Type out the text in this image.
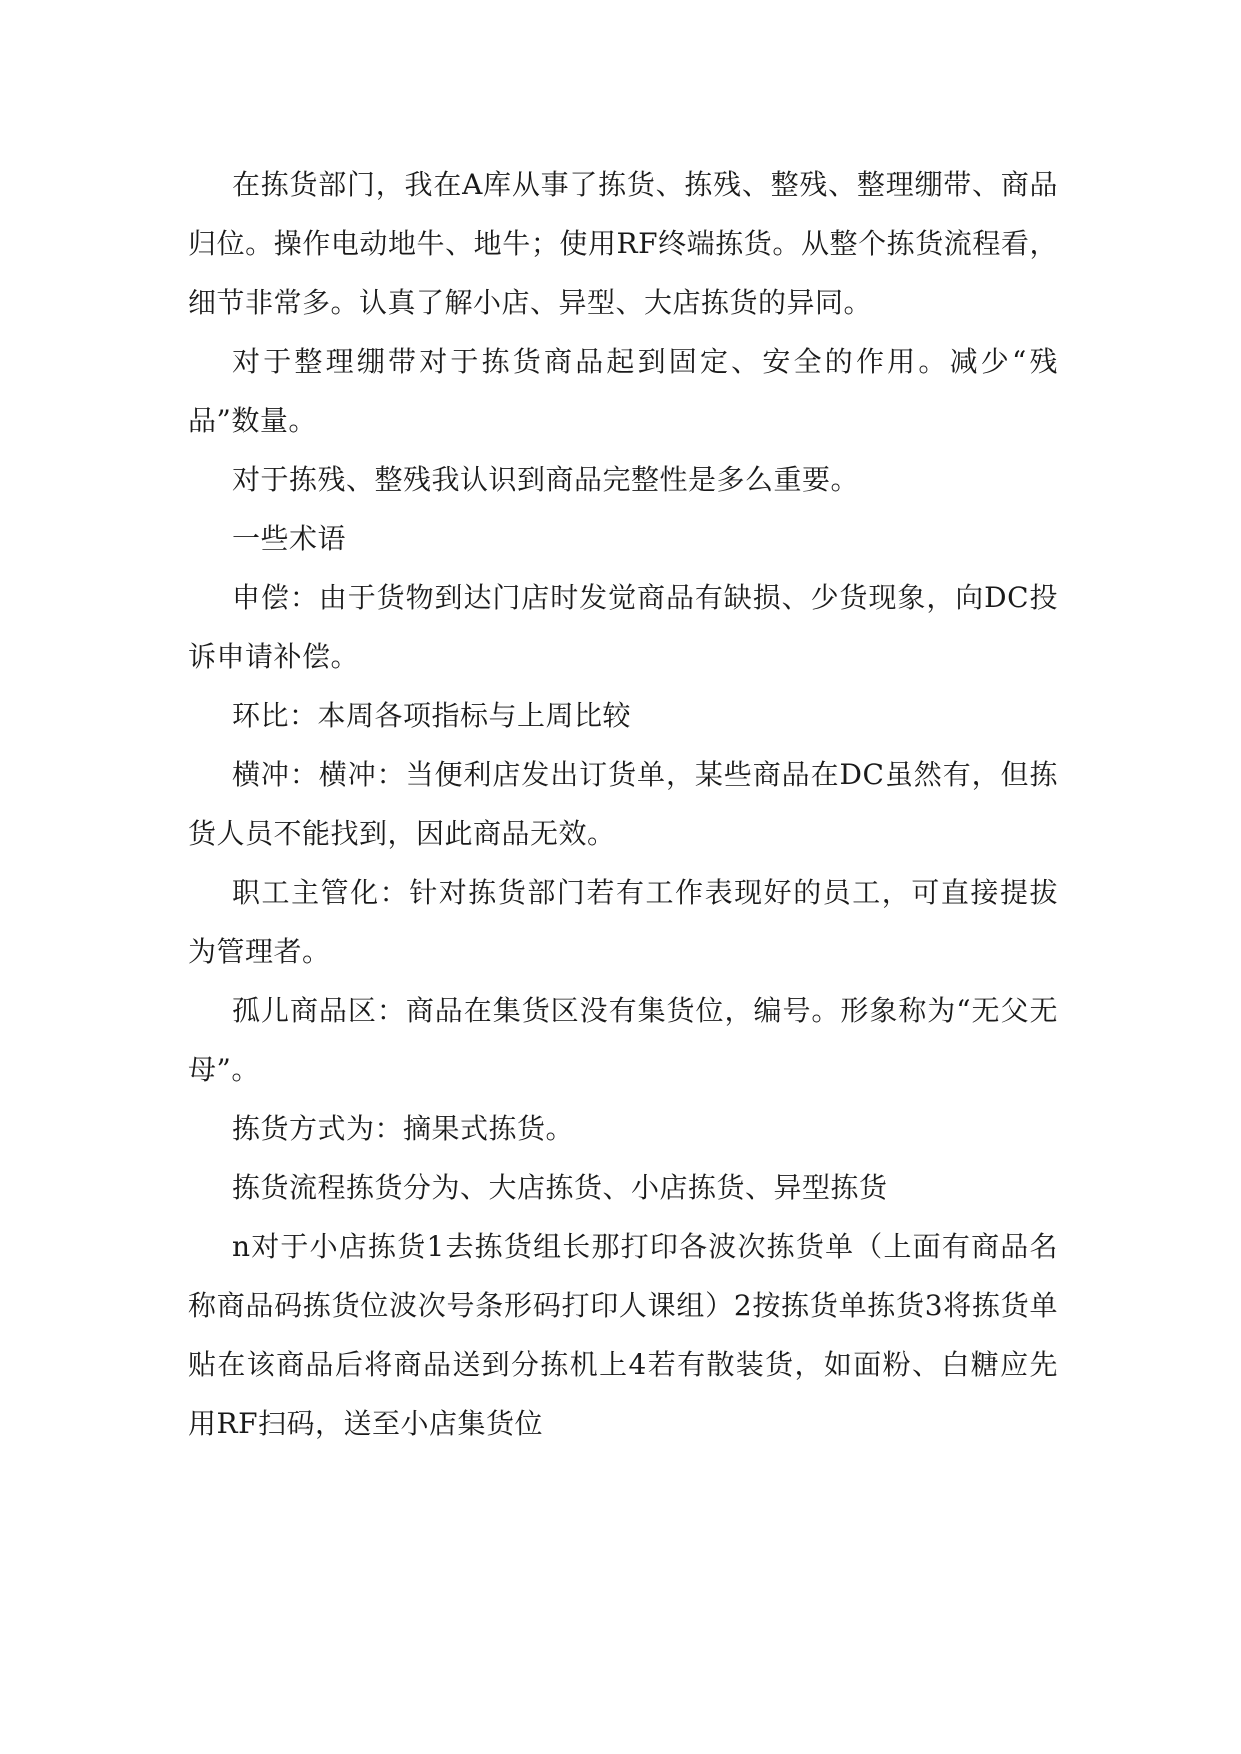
在拣货部门，我在A库从事了拣货、拣残、整残、整理绷带、商品归位。操作电动地牛、地牛；使用RF终端拣货。从整个拣货流程看，细节非常多。认真了解小店、异型、大店拣货的异同。

对于整理绷带对于拣货商品起到固定、安全的作用。减少“残品”数量。

对于拣残、整残我认识到商品完整性是多么重要。

一些术语

申偿：由于货物到达门店时发觉商品有缺损、少货现象，向DC投诉申请补偿。

环比：本周各项指标与上周比较

横冲：横冲：当便利店发出订货单，某些商品在DC虽然有，但拣货人员不能找到，因此商品无效。

职工主管化：针对拣货部门若有工作表现好的员工，可直接提拔为管理者。

孤儿商品区：商品在集货区没有集货位，编号。形象称为“无父无母”。

拣货方式为：摘果式拣货。

拣货流程拣货分为、大店拣货、小店拣货、异型拣货

n对于小店拣货1去拣货组长那打印各波次拣货单（上面有商品名称商品码拣货位波次号条形码打印人课组）2按拣货单拣货3将拣货单贴在该商品后将商品送到分拣机上4若有散装货，如面粉、白糖应先用RF扫码，送至小店集货位
